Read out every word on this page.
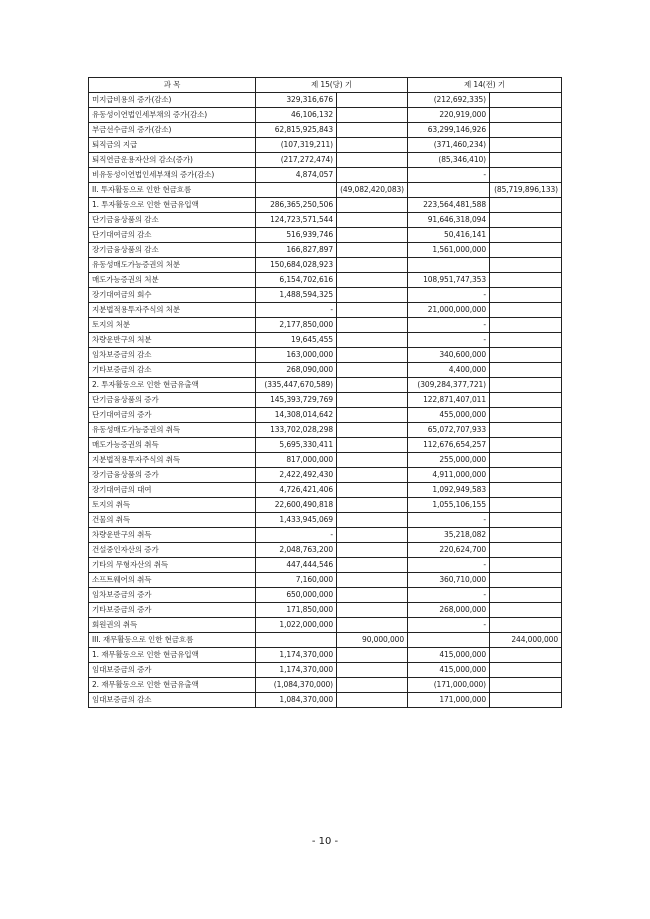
과 목	제 15(당) 기		제 14(전) 기	
미지급비용의 증가(감소)	329,316,676		(212,692,335)	
유동성이연법인세부채의 증가(감소)	46,106,132		220,919,000	
부금선수금의 증가(감소)	62,815,925,843		63,299,146,926	
퇴직금의 지급	(107,319,211)		(371,460,234)	
퇴직연금운용자산의 감소(증가)	(217,272,474)		(85,346,410)	
비유동성이연법인세부채의 증가(감소)	4,874,057		-	
II. 투자활동으로 인한 현금흐름		(49,082,420,083)		(85,719,896,133)
1. 투자활동으로 인한 현금유입액	286,365,250,506		223,564,481,588	
단기금융상품의 감소	124,723,571,544		91,646,318,094	
단기대여금의 감소	516,939,746		50,416,141	
장기금융상품의 감소	166,827,897		1,561,000,000	
유동성매도가능증권의 처분	150,684,028,923			
매도가능증권의 처분	6,154,702,616		108,951,747,353	
장기대여금의 회수	1,488,594,325		-	
지분법적용투자주식의 처분	-		21,000,000,000	
토지의 처분	2,177,850,000		-	
차량운반구의 처분	19,645,455		-	
임차보증금의 감소	163,000,000		340,600,000	
기타보증금의 감소	268,090,000		4,400,000	
2. 투자활동으로 인한 현금유출액	(335,447,670,589)		(309,284,377,721)	
단기금융상품의 증가	145,393,729,769		122,871,407,011	
단기대여금의 증가	14,308,014,642		455,000,000	
유동성매도가능증권의 취득	133,702,028,298		65,072,707,933	
매도가능증권의 취득	5,695,330,411		112,676,654,257	
지분법적용투자주식의 취득	817,000,000		255,000,000	
장기금융상품의 증가	2,422,492,430		4,911,000,000	
장기대여금의 대여	4,726,421,406		1,092,949,583	
토지의 취득	22,600,490,818		1,055,106,155	
건물의 취득	1,433,945,069		-	
차량운반구의 취득	-		35,218,082	
건설중인자산의 증가	2,048,763,200		220,624,700	
기타의 무형자산의 취득	447,444,546		-	
소프트웨어의 취득	7,160,000		360,710,000	
임차보증금의 증가	650,000,000		-	
기타보증금의 증가	171,850,000		268,000,000	
회원권의 취득	1,022,000,000		-	
III. 재무활동으로 인한 현금흐름		90,000,000		244,000,000
1. 재무활동으로 인한 현금유입액	1,174,370,000		415,000,000	
임대보증금의 증가	1,174,370,000		415,000,000	
2. 재무활동으로 인한 현금유출액	(1,084,370,000)		(171,000,000)	
임대보증금의 감소	1,084,370,000		171,000,000	
- 10 -
